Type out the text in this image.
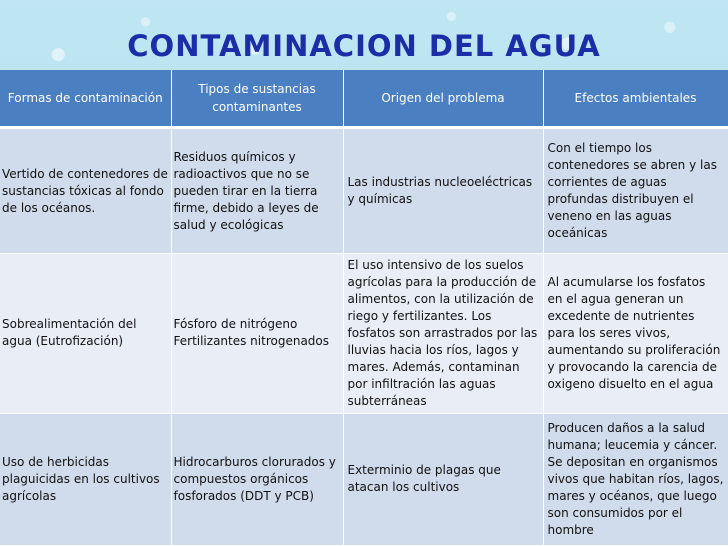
CONTAMINACION DEL AGUA
Formas de contaminación	Tipos de sustancias contaminantes	Origen del problema	Efectos ambientales
Vertido de contenedores de sustancias tóxicas al fondo de los océanos.	Residuos químicos y radioactivos que no se pueden tirar en la tierra firme, debido a leyes de salud y ecológicas	Las industrias nucleoeléctricas y químicas	Con el tiempo los contenedores se abren y las corrientes de aguas profundas distribuyen el veneno en las aguas oceánicas
Sobrealimentación del agua (Eutrofización)	Fósforo de nitrógeno Fertilizantes nitrogenados	El uso intensivo de los suelos agrícolas para la producción de alimentos, con la utilización de riego y fertilizantes. Los fosfatos son arrastrados por las lluvias hacia los ríos, lagos y mares. Además, contaminan por infiltración las aguas subterráneas	Al acumularse los fosfatos en el agua generan un excedente de nutrientes para los seres vivos, aumentando su proliferación y provocando la carencia de oxigeno disuelto en el agua
Uso de herbicidas plaguicidas en los cultivos agrícolas	Hidrocarburos clorurados y compuestos orgánicos fosforados (DDT y PCB)	Exterminio de plagas que atacan los cultivos	Producen daños a la salud humana; leucemia y cáncer. Se depositan en organismos vivos que habitan ríos, lagos, mares y océanos, que luego son consumidos por el hombre
